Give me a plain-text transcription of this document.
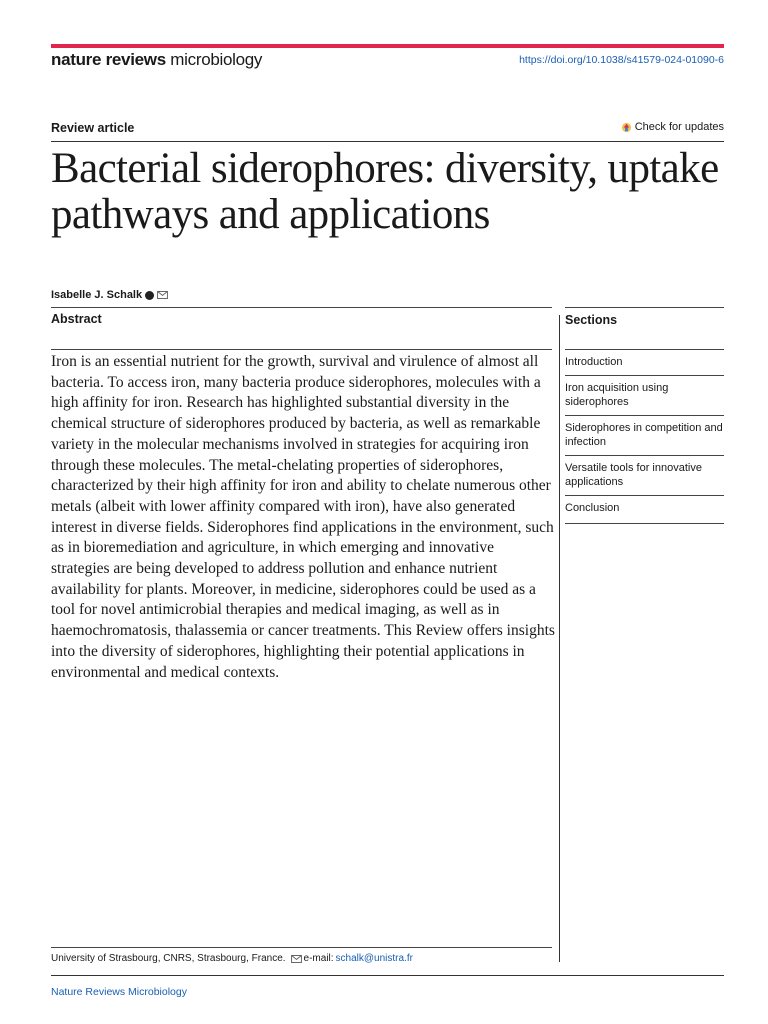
nature reviews microbiology	https://doi.org/10.1038/s41579-024-01090-6
Review article	Check for updates
Bacterial siderophores: diversity, uptake pathways and applications
Isabelle J. Schalk
Abstract

Iron is an essential nutrient for the growth, survival and virulence of almost all bacteria. To access iron, many bacteria produce siderophores, molecules with a high affinity for iron. Research has highlighted substantial diversity in the chemical structure of siderophores produced by bacteria, as well as remarkable variety in the molecular mechanisms involved in strategies for acquiring iron through these molecules. The metal-chelating properties of siderophores, characterized by their high affinity for iron and ability to chelate numerous other metals (albeit with lower affinity compared with iron), have also generated interest in diverse fields. Siderophores find applications in the environment, such as in bioremediation and agriculture, in which emerging and innovative strategies are being developed to address pollution and enhance nutrient availability for plants. Moreover, in medicine, siderophores could be used as a tool for novel antimicrobial therapies and medical imaging, as well as in haemochromatosis, thalassemia or cancer treatments. This Review offers insights into the diversity of siderophores, highlighting their potential applications in environmental and medical contexts.

Sections
Introduction
Iron acquisition using siderophores
Siderophores in competition and infection
Versatile tools for innovative applications
Conclusion
University of Strasbourg, CNRS, Strasbourg, France. e-mail: schalk@unistra.fr
Nature Reviews Microbiology
